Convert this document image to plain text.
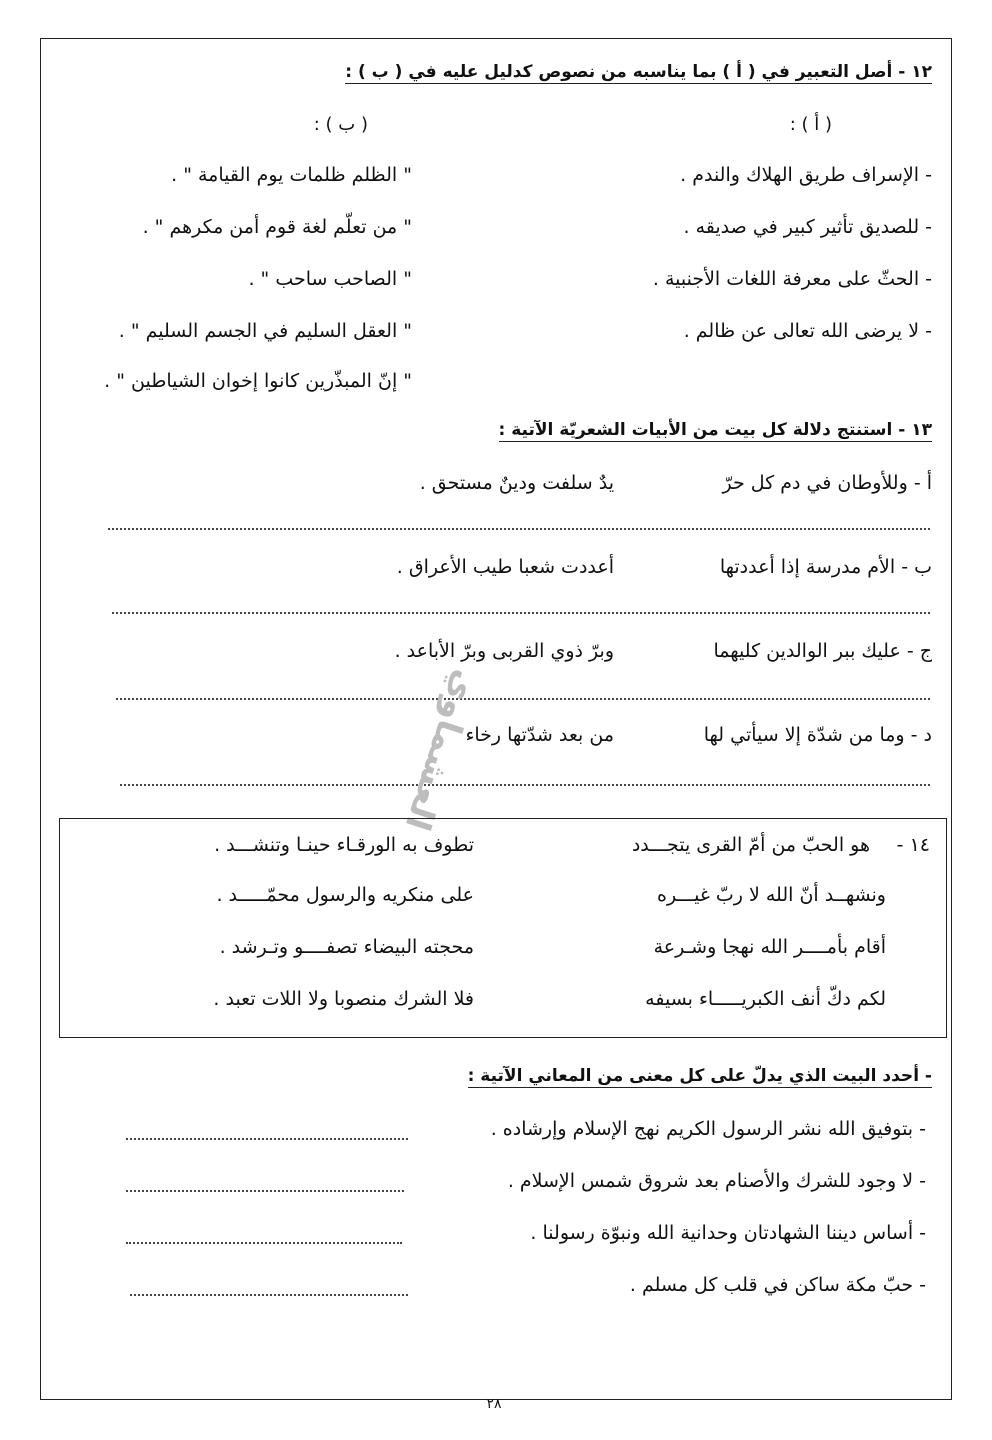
١٢ - أصل التعبير في ( أ ) بما يناسبه من نصوص كدليل عليه في ( ب ) :
( أ ) :
( ب ) :
- الإسراف طريق الهلاك والندم .
- للصديق تأثير كبير في صديقه .
- الحثّ على معرفة اللغات الأجنبية .
- لا يرضى الله تعالى عن ظالم .
" الظلم ظلمات يوم القيامة " .
" من تعلّم لغة قوم أمن مكرهم " .
" الصاحب ساحب " .
" العقل السليم في الجسم السليم " .
" إنّ المبذّرين كانوا إخوان الشياطين " .
١٣ - استنتج دلالة كل بيت من الأبيات الشعريّة الآتية :
أ - وللأوطان في دم كل حرّ
يدٌ سلفت ودينٌ مستحق .
ب - الأم مدرسة إذا أعددتها
أعددت شعبا طيب الأعراق .
ج - عليك ببر الوالدين كليهما
وبرّ ذوي القربى وبرّ الأباعد .
د - وما من شدّة إلا سيأتي لها
من بعد شدّتها رخاء
العشماوي
١٤ -
هو الحبّ من أمّ القرى يتجـــدد
تطوف به الورقـاء حينـا وتنشـــد .
ونشهــد أنّ الله لا ربّ غيـــره
على منكريه والرسول محمّـــــد .
أقام بأمــــر الله نهجا وشـرعة
محجته البيضاء تصفــــو وتـرشد .
لكم دكّ أنف الكبريـــــاء بسيفه
فلا الشرك منصوبا ولا اللات تعبد .
- أحدد البيت الذي يدلّ على كل معنى من المعاني الآتية :
- بتوفيق الله نشر الرسول الكريم نهج الإسلام وإرشاده .
- لا وجود للشرك والأصنام بعد شروق شمس الإسلام .
- أساس ديننا الشهادتان وحدانية الله ونبوّة رسولنا .
- حبّ مكة ساكن في قلب كل مسلم .
٢٨
